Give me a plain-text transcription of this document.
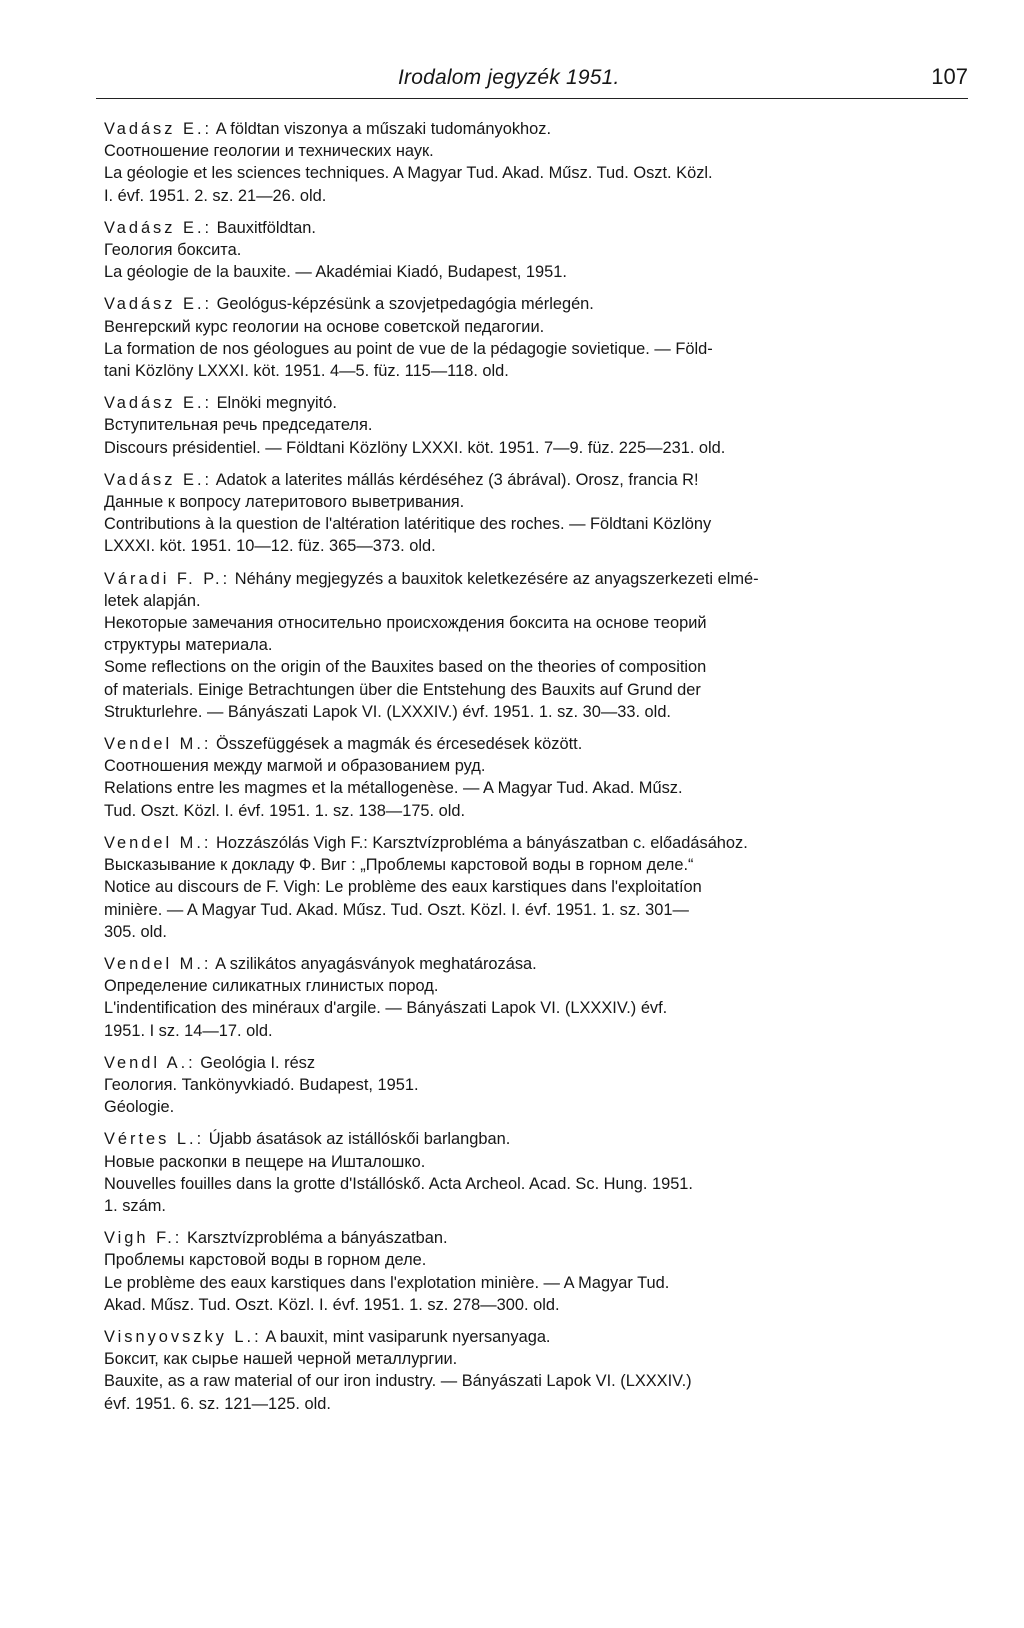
Irodalom jegyzék 1951.	107
Vadász E.: A földtan viszonya a műszaki tudományokhoz.
Соотношение геологии и технических наук.
La géologie et les sciences techniques. A Magyar Tud. Akad. Műsz. Tud. Oszt. Közl.
I. évf. 1951. 2. sz. 21—26. old.
Vadász E.: Bauxitföldtan.
Геология боксита.
La géologie de la bauxite. — Akadémiai Kiadó, Budapest, 1951.
Vadász E.: Geológus-képzésünk a szovjetpedagógia mérlegén.
Венгерский курс геологии на основе советской педагогии.
La formation de nos géologues au point de vue de la pédagogie sovietique. — Föld-
tani Közlöny LXXXI. köt. 1951. 4—5. füz. 115—118. old.
Vadász E.: Elnöki megnyitó.
Вступительная речь председателя.
Discours présidentiel. — Földtani Közlöny LXXXI. köt. 1951. 7—9. füz. 225—231. old.
Vadász E.: Adatok a laterites mállás kérdéséhez (3 ábrával). Orosz, francia R!
Данные к вопросу латеритового выветривания.
Contributions à la question de l'altération latéritique des roches. — Földtani Közlöny
LXXXI. köt. 1951. 10—12. füz. 365—373. old.
Váradi F. P.: Néhány megjegyzés a bauxitok keletkezésére az anyagszerkezeti elmé-
letek alapján.
Некоторые замечания относительно происхождения боксита на основе теорий
структуры материала.
Some reflections on the origin of the Bauxites based on the theories of composition
of materials. Einige Betrachtungen über die Entstehung des Bauxits auf Grund der
Strukturlehre. — Bányászati Lapok VI. (LXXXIV.) évf. 1951. 1. sz. 30—33. old.
Vendel M.: Összefüggések a magmák és ércesedések között.
Соотношения между магмой и образованием руд.
Relations entre les magmes et la métallogenèse. — A Magyar Tud. Akad. Műsz.
Tud. Oszt. Közl. I. évf. 1951. 1. sz. 138—175. old.
Vendel M.: Hozzászólás Vigh F.: Karsztvízprobléma a bányászatban c. előadásához.
Высказывание к докладу Ф. Виг : „Проблемы карстовой воды в горном деле.“
Notice au discours de F. Vigh: Le problème des eaux karstiques dans l'exploitatíon
minière. — A Magyar Tud. Akad. Műsz. Tud. Oszt. Közl. I. évf. 1951. 1. sz. 301—
305. old.
Vendel M.: A szilikátos anyagásványok meghatározása.
Определение силикатных глинистых пород.
L'indentification des minéraux d'argile. — Bányászati Lapok VI. (LXXXIV.) évf.
1951. I sz. 14—17. old.
Vendl A.: Geológia I. rész
Геология. Tankönyvkiadó. Budapest, 1951.
Géologie.
Vértes L.: Újabb ásatások az istállóskői barlangban.
Новые раскопки в пещере на Ишталошко.
Nouvelles fouilles dans la grotte d'Istállóskő. Acta Archeol. Acad. Sc. Hung. 1951.
1. szám.
Vigh F.: Karsztvízprobléma a bányászatban.
Проблемы карстовой воды в горном деле.
Le problème des eaux karstiques dans l'explotation minière. — A Magyar Tud.
Akad. Műsz. Tud. Oszt. Közl. I. évf. 1951. 1. sz. 278—300. old.
Visnyovszky L.: A bauxit, mint vasiparunk nyersanyaga.
Боксит, как сырье нашей черной металлургии.
Bauxite, as a raw material of our iron industry. — Bányászati Lapok VI. (LXXXIV.)
évf. 1951. 6. sz. 121—125. old.
